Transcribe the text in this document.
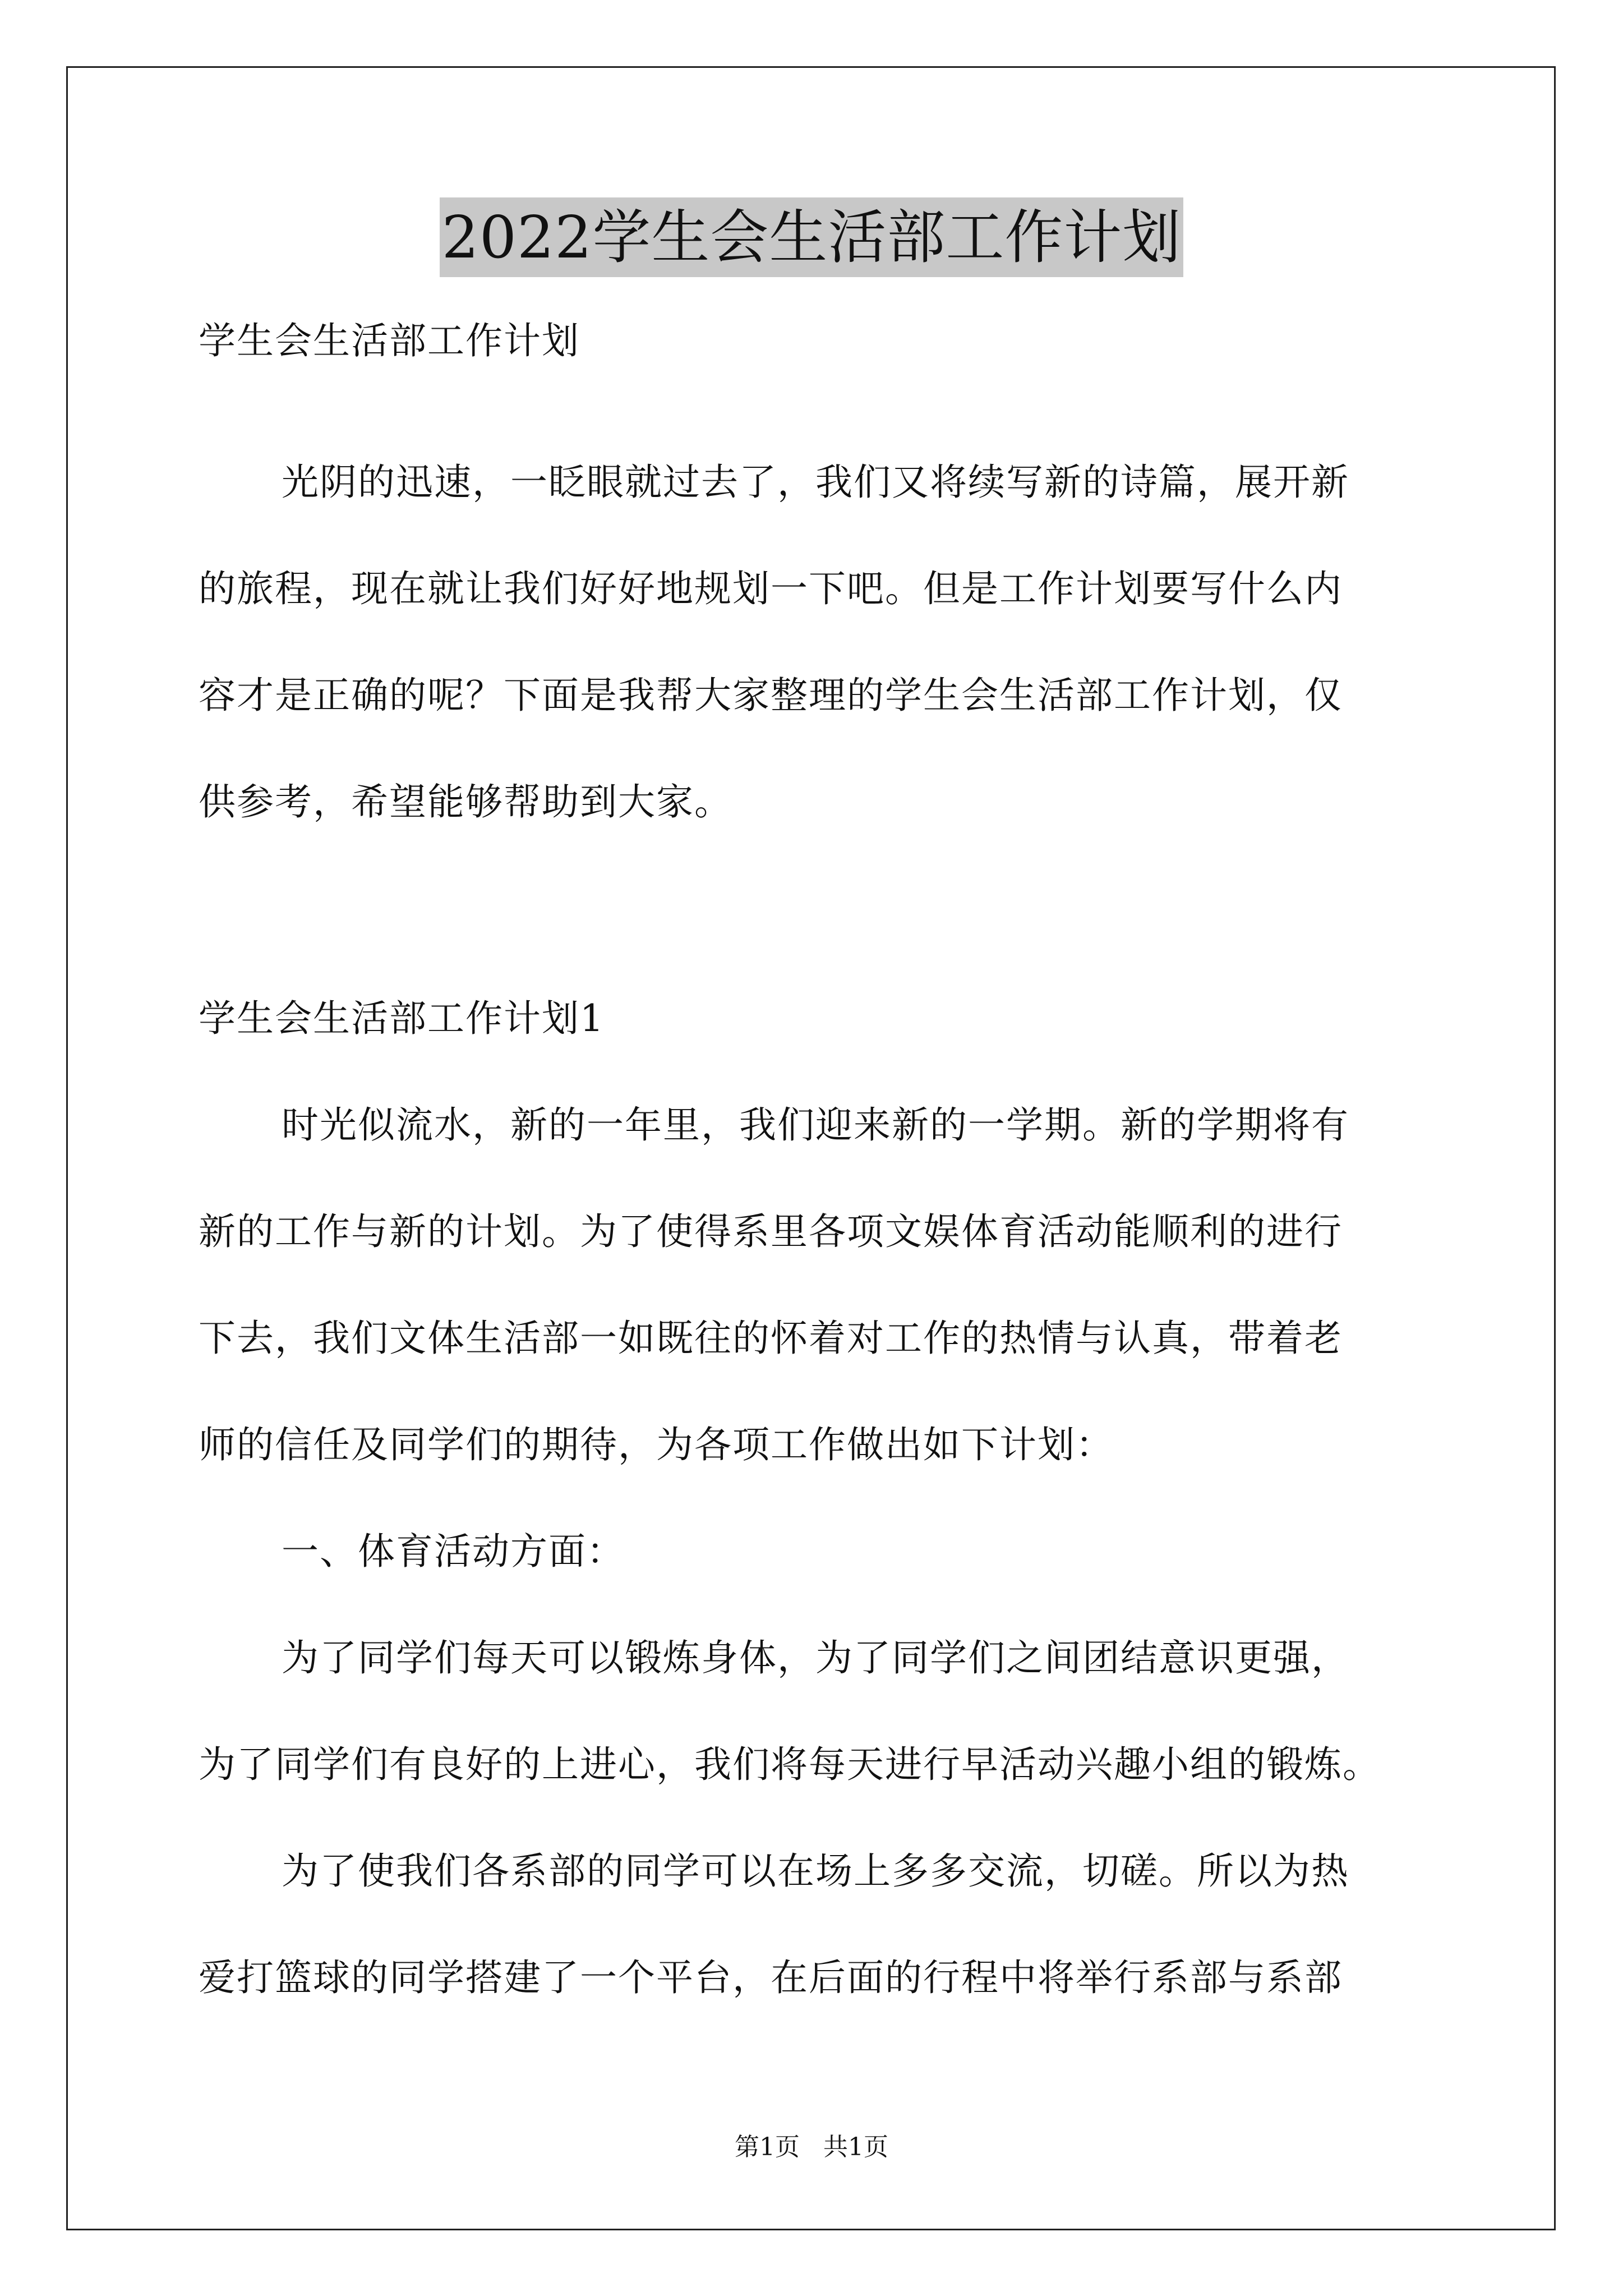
2022学生会生活部工作计划
学生会生活部工作计划
光阴的迅速，一眨眼就过去了，我们又将续写新的诗篇，展开新
的旅程，现在就让我们好好地规划一下吧。但是工作计划要写什么内
容才是正确的呢？下面是我帮大家整理的学生会生活部工作计划，仅
供参考，希望能够帮助到大家。
学生会生活部工作计划1
时光似流水，新的一年里，我们迎来新的一学期。新的学期将有
新的工作与新的计划。为了使得系里各项文娱体育活动能顺利的进行
下去，我们文体生活部一如既往的怀着对工作的热情与认真，带着老
师的信任及同学们的期待，为各项工作做出如下计划：
一、体育活动方面：
为了同学们每天可以锻炼身体，为了同学们之间团结意识更强，
为了同学们有良好的上进心，我们将每天进行早活动兴趣小组的锻炼。
为了使我们各系部的同学可以在场上多多交流，切磋。所以为热
爱打篮球的同学搭建了一个平台，在后面的行程中将举行系部与系部
第1页 共1页
